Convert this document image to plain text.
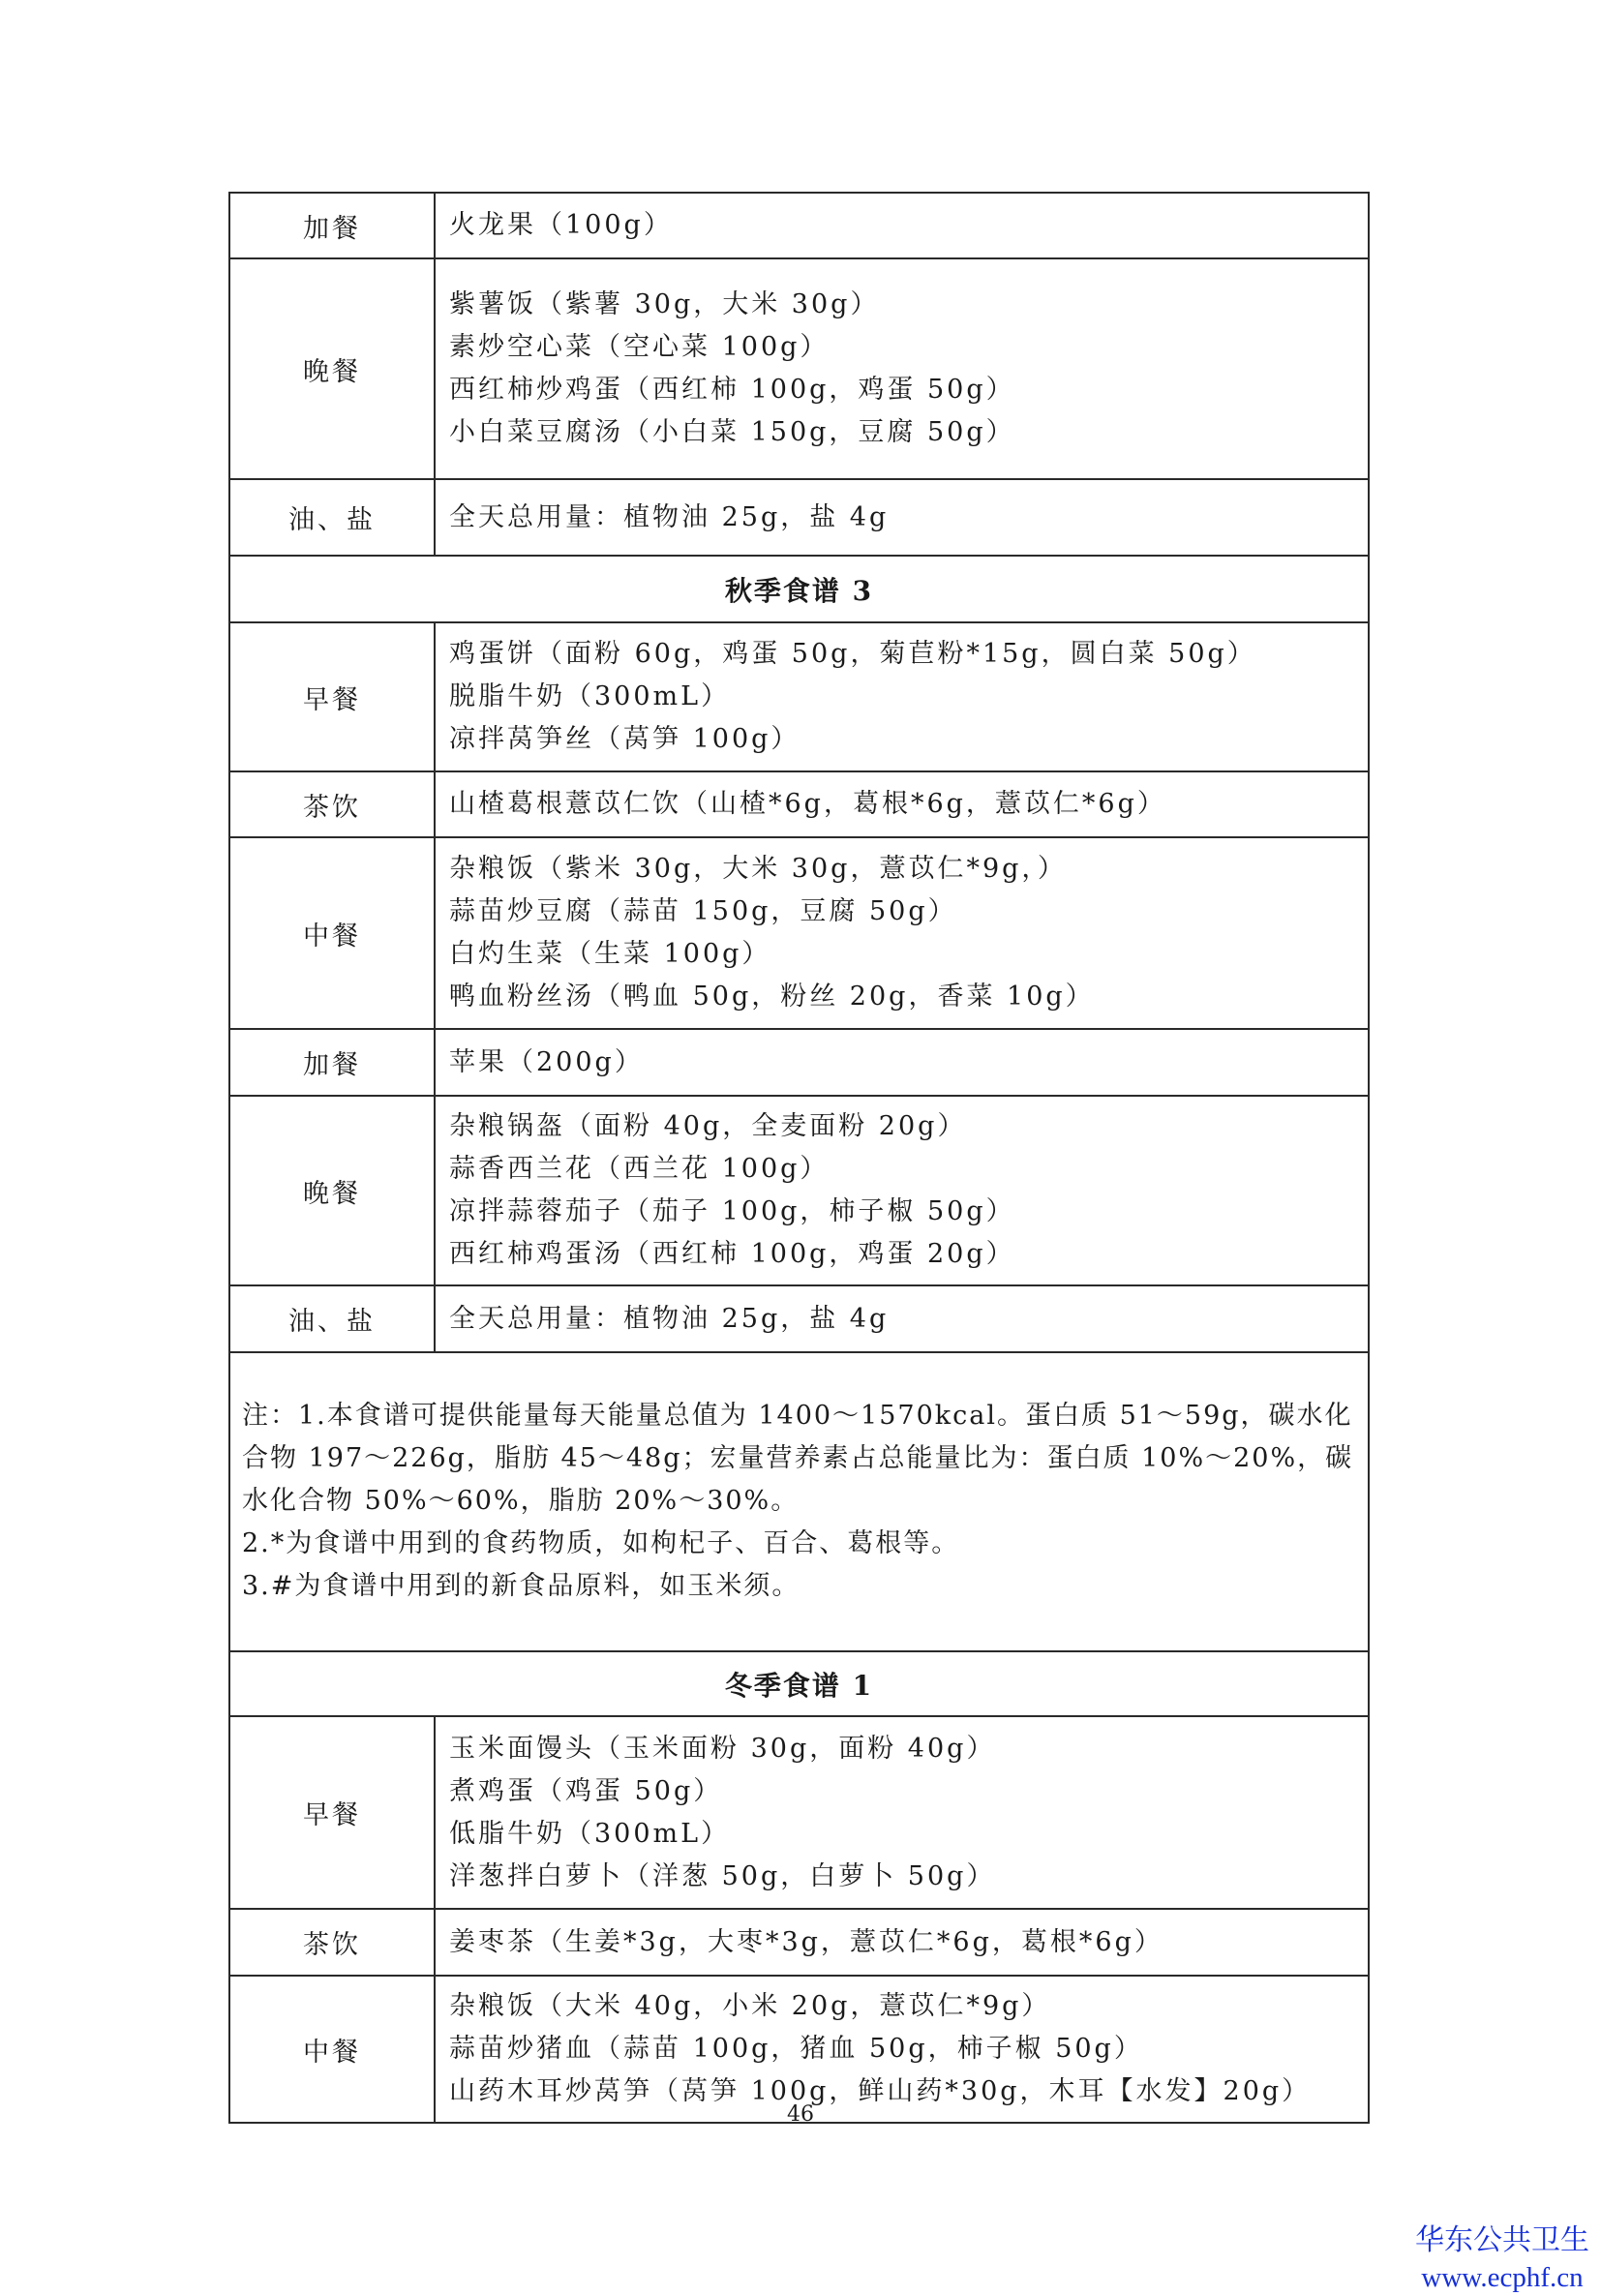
加餐	火龙果（100g）

晚餐	紫薯饭（紫薯 30g，大米 30g）
素炒空心菜（空心菜 100g）
西红柿炒鸡蛋（西红柿 100g，鸡蛋 50g）
小白菜豆腐汤（小白菜 150g，豆腐 50g）

油、盐	全天总用量：植物油 25g，盐 4g

秋季食谱 3	
早餐	鸡蛋饼（面粉 60g，鸡蛋 50g，菊苣粉*15g，圆白菜 50g）
脱脂牛奶（300mL）
凉拌莴笋丝（莴笋 100g）

茶饮	山楂葛根薏苡仁饮（山楂*6g，葛根*6g，薏苡仁*6g）

中餐	杂粮饭（紫米 30g，大米 30g，薏苡仁*9g，）
蒜苗炒豆腐（蒜苗 150g，豆腐 50g）
白灼生菜（生菜 100g）
鸭血粉丝汤（鸭血 50g，粉丝 20g，香菜 10g）

加餐	苹果（200g）

晚餐	杂粮锅盔（面粉 40g，全麦面粉 20g）
蒜香西兰花（西兰花 100g）
凉拌蒜蓉茄子（茄子 100g，柿子椒 50g）
西红柿鸡蛋汤（西红柿 100g，鸡蛋 20g）

油、盐	全天总用量：植物油 25g，盐 4g

注：1.本食谱可提供能量每天能量总值为 1400～1570kcal。蛋白质 51～59g，碳水化合物 197～226g，脂肪 45～48g；宏量营养素占总能量比为：蛋白质 10%～20%，碳水化合物 50%～60%，脂肪 20%～30%。
2.*为食谱中用到的食药物质，如枸杞子、百合、葛根等。
3.#为食谱中用到的新食品原料，如玉米须。	

冬季食谱 1	
早餐	玉米面馒头（玉米面粉 30g，面粉 40g）
煮鸡蛋（鸡蛋 50g）
低脂牛奶（300mL）
洋葱拌白萝卜（洋葱 50g，白萝卜 50g）

茶饮	姜枣茶（生姜*3g，大枣*3g，薏苡仁*6g，葛根*6g）

中餐	杂粮饭（大米 40g，小米 20g，薏苡仁*9g）
蒜苗炒猪血（蒜苗 100g，猪血 50g，柿子椒 50g）
山药木耳炒莴笋（莴笋 100g，鲜山药*30g，木耳【水发】20g）
46
华东公共卫生
www.ecphf.cn
